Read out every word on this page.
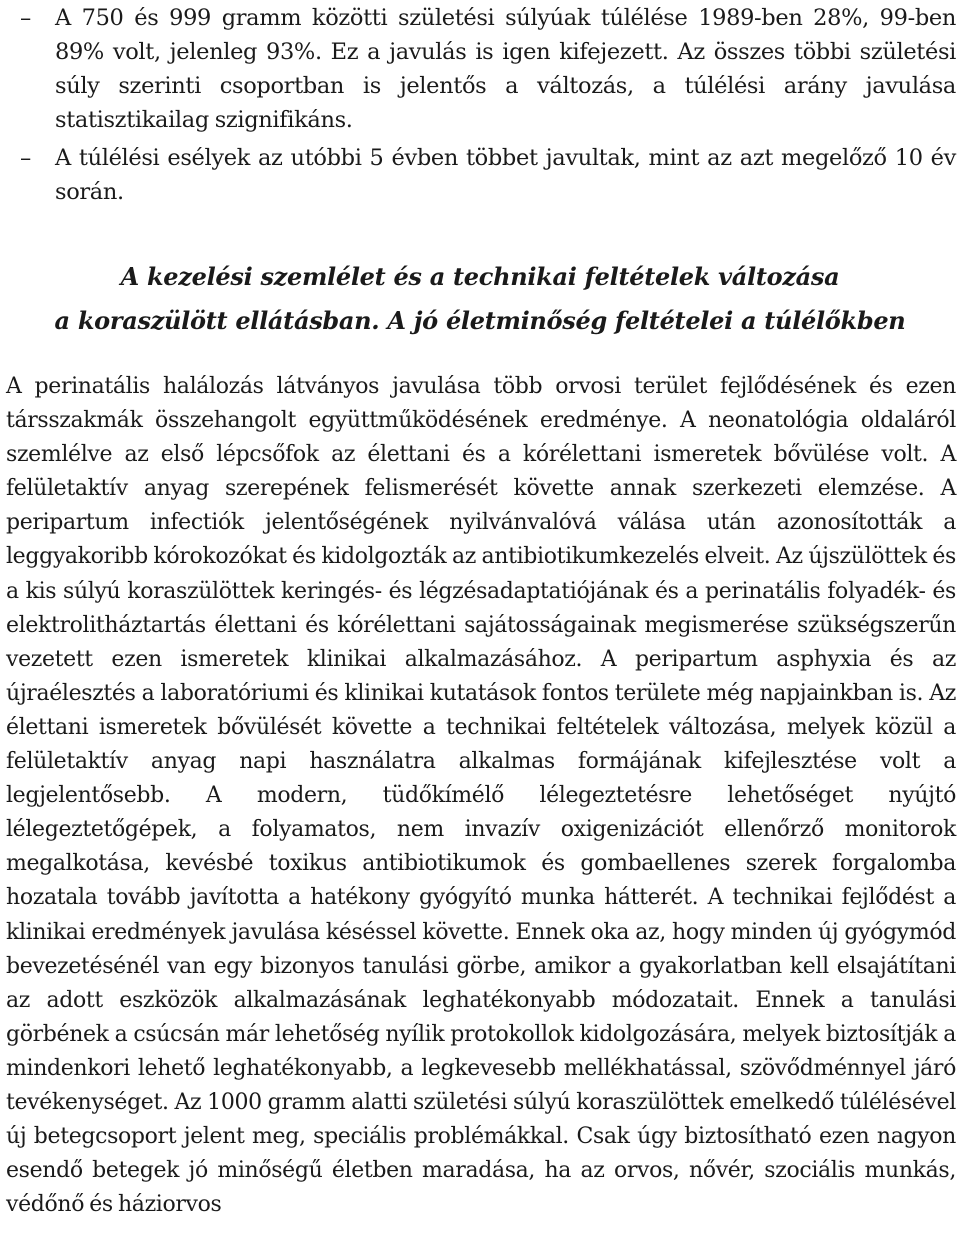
– A 750 és 999 gramm közötti születési súlyúak túlélése 1989-ben 28%, 99-ben 89% volt, jelenleg 93%. Ez a javulás is igen kifejezett. Az összes többi születési súly szerinti csoportban is jelentős a változás, a túlélési arány javulása statisztikailag szignifikáns.
– A túlélési esélyek az utóbbi 5 évben többet javultak, mint az azt megelőző 10 év során.
A kezelési szemlélet és a technikai feltételek változása
a koraszülött ellátásban. A jó életminőség feltételei a túlélőkben

A perinatális halálozás látványos javulása több orvosi terület fejlődésének és ezen társszakmák összehangolt együttműködésének eredménye. A neonatológia oldaláról szemlélve az első lépcsőfok az élettani és a kórélettani ismeretek bővülése volt. A felületaktív anyag szerepének felismerését követte annak szerkezeti elemzése. A peripartum infectiók jelentőségének nyilvánvalóvá válása után azonosították a leggyakoribb kórokozókat és kidolgozták az antibiotikumkezelés elveit. Az újszülöttek és a kis súlyú koraszülöttek keringés- és légzésadaptatiójának és a perinatális folyadék- és elektrolitháztartás élettani és kórélettani sajátosságainak megismerése szükségszerűn vezetett ezen ismeretek klinikai alkalmazásához. A peripartum asphyxia és az újraélesztés a laboratóriumi és klinikai kutatások fontos területe még napjainkban is. Az élettani ismeretek bővülését követte a technikai feltételek változása, melyek közül a felületaktív anyag napi használatra alkalmas formájának kifejlesztése volt a legjelentősebb. A modern, tüdőkímélő lélegeztetésre lehetőséget nyújtó lélegeztetőgépek, a folyamatos, nem invazív oxigenizációt ellenőrző monitorok megalkotása, kevésbé toxikus antibiotikumok és gombaellenes szerek forgalomba hozatala tovább javította a hatékony gyógyító munka hátterét. A technikai fejlődést a klinikai eredmények javulása késéssel követte. Ennek oka az, hogy minden új gyógymód bevezetésénél van egy bizonyos tanulási görbe, amikor a gyakorlatban kell elsajátítani az adott eszközök alkalmazásának leghatékonyabb módozatait. Ennek a tanulási görbének a csúcsán már lehetőség nyílik protokollok kidolgozására, melyek biztosítják a mindenkori lehető leghatékonyabb, a legkevesebb mellékhatással, szövődménnyel járó tevékenységet. Az 1000 gramm alatti születési súlyú koraszülöttek emelkedő túlélésével új betegcsoport jelent meg, speciális problémákkal. Csak úgy biztosítható ezen nagyon esendő betegek jó minőségű életben maradása, ha az orvos, nővér, szociális munkás, védőnő és háziorvos
